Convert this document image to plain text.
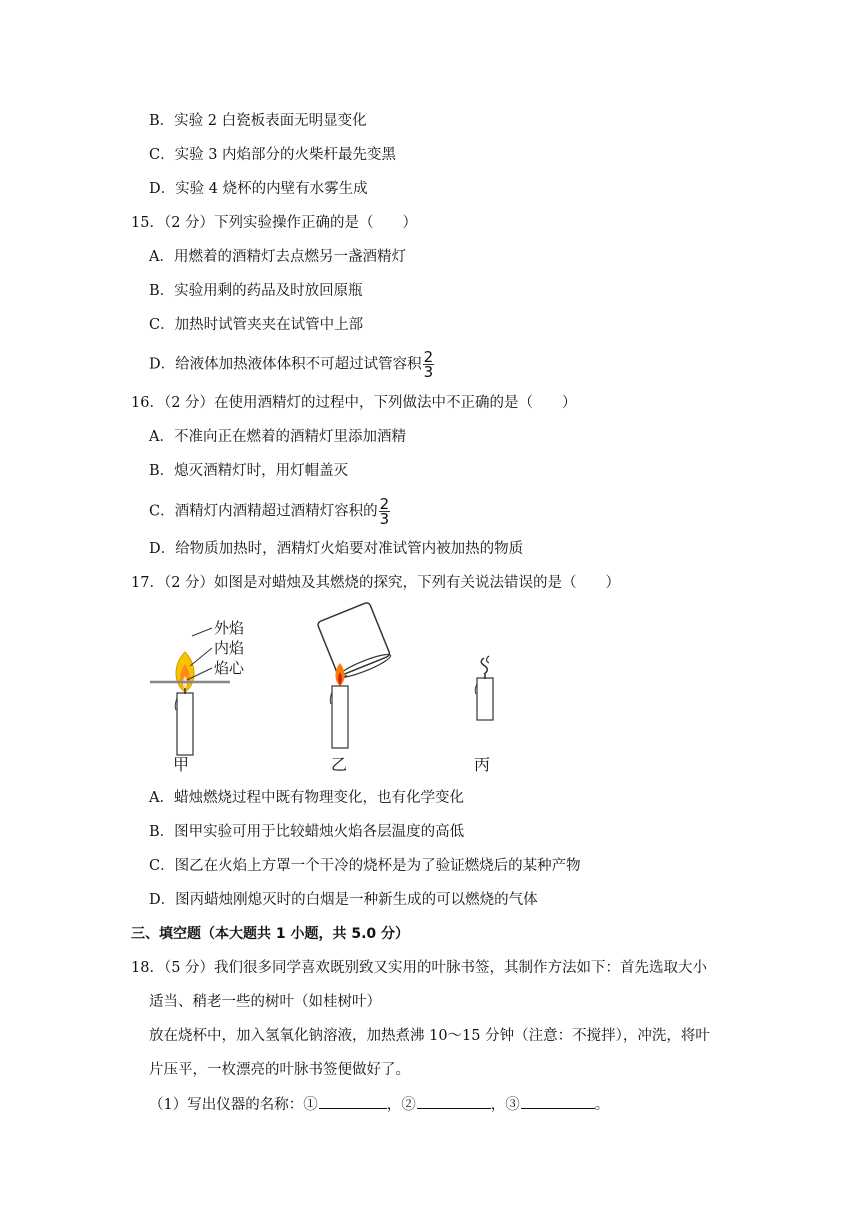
B．实验 2 白瓷板表面无明显变化
C．实验 3 内焰部分的火柴杆最先变黑
D．实验 4 烧杯的内壁有水雾生成
15．（2 分）下列实验操作正确的是（　　）
A．用燃着的酒精灯去点燃另一盏酒精灯
B．实验用剩的药品及时放回原瓶
C．加热时试管夹夹在试管中上部
D．给液体加热液体体积不可超过试管容积 $\frac{2}{3}$
16．（2 分）在使用酒精灯的过程中，下列做法中不正确的是（　　）
A．不准向正在燃着的酒精灯里添加酒精
B．熄灭酒精灯时，用灯帽盖灭
C．酒精灯内酒精超过酒精灯容积的 $\frac{2}{3}$
D．给物质加热时，酒精灯火焰要对准试管内被加热的物质
17．（2 分）如图是对蜡烛及其燃烧的探究，下列有关说法错误的是（　　）
外焰
内焰
焰心
甲	乙	丙
A．蜡烛燃烧过程中既有物理变化，也有化学变化
B．图甲实验可用于比较蜡烛火焰各层温度的高低
C．图乙在火焰上方罩一个干冷的烧杯是为了验证燃烧后的某种产物
D．图丙蜡烛刚熄灭时的白烟是一种新生成的可以燃烧的气体
三、填空题（本大题共 1 小题，共 5.0 分）
18．（5 分）我们很多同学喜欢既别致又实用的叶脉书签，其制作方法如下：首先选取大小
适当、稍老一些的树叶（如桂树叶）
放在烧杯中，加入氢氧化钠溶液，加热煮沸 10～15 分钟（注意：不搅拌），冲洗，将叶
片压平，一枚漂亮的叶脉书签便做好了。
（1）写出仪器的名称：①	，②	，③	。
